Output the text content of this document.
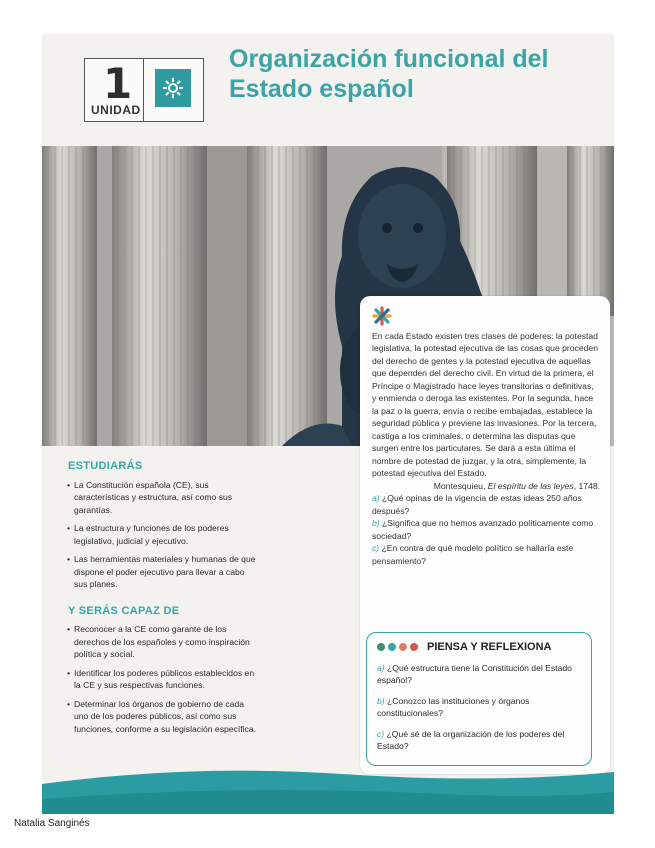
1
UNIDAD
Organización funcional del Estado español

En cada Estado existen tres clases de poderes: la potestad legislativa, la potestad ejecutiva de las cosas que proceden del derecho de gentes y la potestad ejecutiva de aquellas que dependen del derecho civil. En virtud de la primera, el Príncipe o Magistrado hace leyes transitorias o definitivas, y enmienda o deroga las existentes. Por la segunda, hace la paz o la guerra, envía o recibe embajadas, establece la seguridad pública y previene las invasiones. Por la tercera, castiga a los criminales, o determina las disputas que surgen entre los particulares. Se dará a esta última el nombre de potestad de juzgar, y la otra, simplemente, la potestad ejecutiva del Estado.

Montesquieu, El espíritu de las leyes, 1748.

a) ¿Qué opinas de la vigencia de estas ideas 250 años después?

b) ¿Significa que no hemos avanzado políticamente como sociedad?

c) ¿En contra de qué modelo político se hallaría este pensamiento?

PIENSA Y REFLEXIONA

a) ¿Qué estructura tiene la Constitución del Estado español?

b) ¿Conozco las instituciones y órganos constitucionales?

c) ¿Qué sé de la organización de los poderes del Estado?

ESTUDIARÁS
• La Constitución española (CE), sus características y estructura, así como sus garantías.
• La estructura y funciones de los poderes legislativo, judicial y ejecutivo.
• Las herramientas materiales y humanas de que dispone el poder ejecutivo para llevar a cabo sus planes.
Y SERÁS CAPAZ DE
• Reconocer a la CE como garante de los derechos de los españoles y como inspiración política y social.
• Identificar los poderes públicos establecidos en la CE y sus respectivas funciones.
• Determinar los órganos de gobierno de cada uno de los poderes públicos, así como sus funciones, conforme a su legislación específica.
Natalia Sanginés
